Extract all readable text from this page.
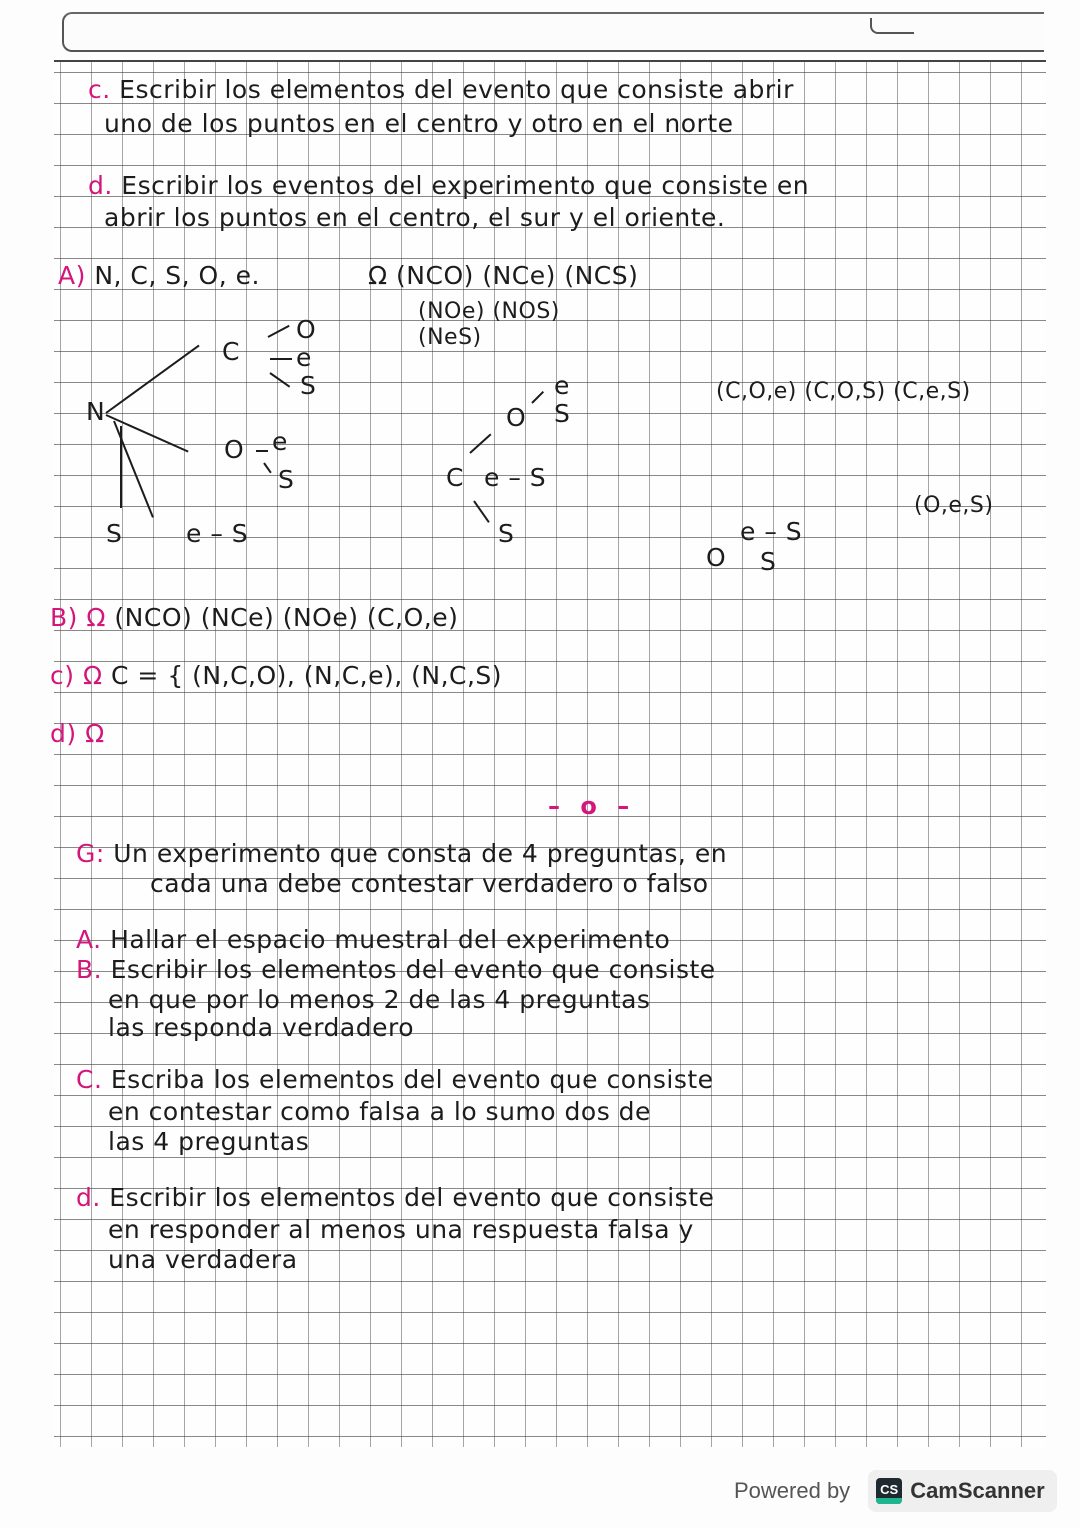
c. Escribir los elementos del evento que consiste abrir
uno de los puntos en el centro y otro en el norte
d. Escribir los eventos del experimento que consiste en
abrir los puntos en el centro, el sur y el oriente.
A) N, C, S, O, e.	Ω (NCO) (NCe) (NCS)
(NOe) (NOS)
(NeS)
(C,O,e) (C,O,S) (C,e,S)
(O,e,S)
N
C
O
e
S
O e
S
S	e – S
O
e
S
C e – S
S
O
e – S
S
B) Ω (NCO) (NCe) (NOe) (C,O,e)
c) Ω C = { (N,C,O), (N,C,e), (N,C,S)
d) Ω
– o –
G: Un experimento que consta de 4 preguntas, en
cada una debe contestar verdadero o falso
A. Hallar el espacio muestral del experimento
B. Escribir los elementos del evento que consiste
en que por lo menos 2 de las 4 preguntas
las responda verdadero
C. Escriba los elementos del evento que consiste
en contestar como falsa a lo sumo dos de
las 4 preguntas
d. Escribir los elementos del evento que consiste
en responder al menos una respuesta falsa y
una verdadera
Powered by CS CamScanner
